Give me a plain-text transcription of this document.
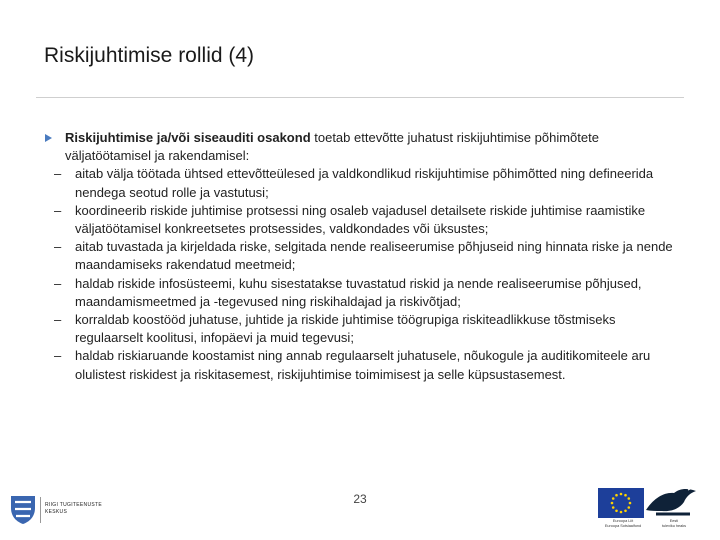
Riskijuhtimise rollid (4)
Riskijuhtimise ja/või siseauditi osakond toetab ettevõtte juhatust riskijuhtimise põhimõtete väljatöötamisel ja rakendamisel:
– aitab välja töötada ühtsed ettevõtteülesed ja valdkondlikud riskijuhtimise põhimõtted ning defineerida nendega seotud rolle ja vastutusi;
– koordineerib riskide juhtimise protsessi ning osaleb vajadusel detailsete riskide juhtimise raamistike väljatöötamisel konkreetsetes protsessides, valdkondades või üksustes;
– aitab tuvastada ja kirjeldada riske, selgitada nende realiseerumise põhjuseid ning hinnata riske ja nende maandamiseks rakendatud meetmeid;
– haldab riskide infosüsteemi, kuhu sisestatakse tuvastatud riskid ja nende realiseerumise põhjused, maandamismeetmed ja -tegevused ning riskihaldajad ja riskivõtjad;
– korraldab koostööd juhatuse, juhtide ja riskide juhtimise töögrupiga riskiteadlikkuse tõstmiseks regulaarselt koolitusi, infopäevi ja muid tegevusi;
– haldab riskiaruande koostamist ning annab regulaarselt juhatusele, nõukogule ja auditikomiteele aru olulistest riskidest ja riskitasemest, riskijuhtimise toimimisest ja selle küpsustasemest.
23
RIIGI TUGITEENUSTE
KESKUS
Euroopa Liit
Euroopa Sotsiaalfond
Eesti
tuleviku heaks
